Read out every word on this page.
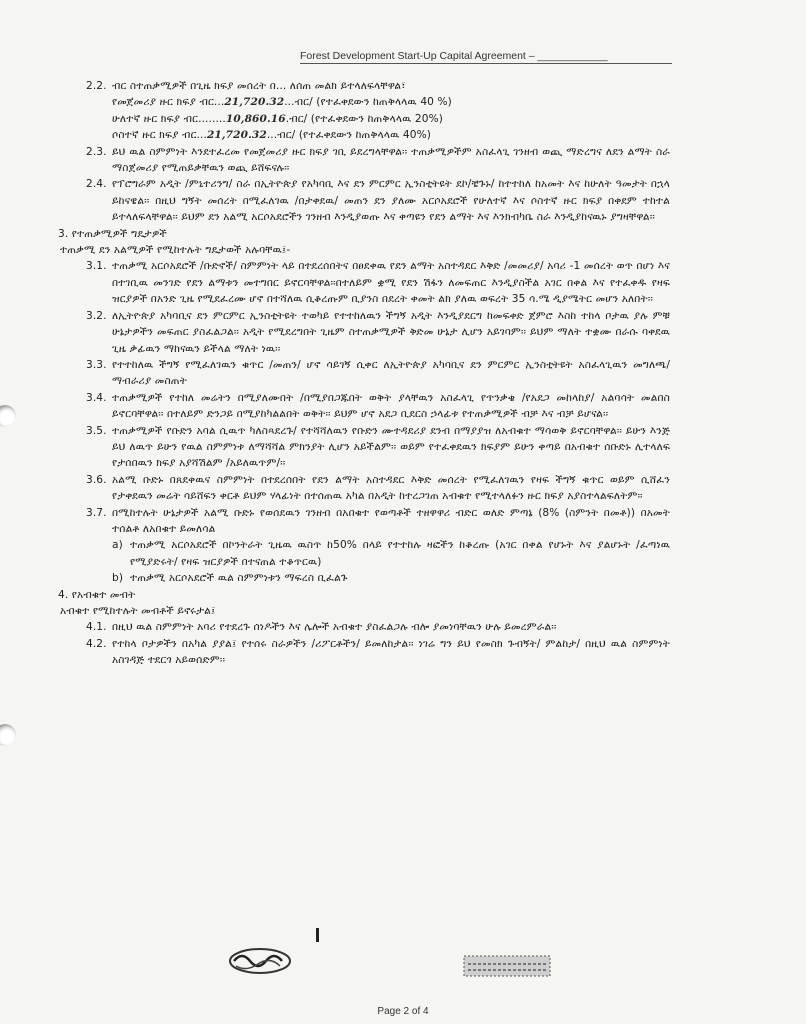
Forest Development Start-Up Capital Agreement – ____________
2.2. ብር ስተጠቃሚዎች በጊዜ ክፍያ መሰረት በ... ለሰጠ መልክ ይተላለፍላቸዋል፣
የመጀመሪያ ዙር ክፍያ ብር...21,720.32...ብር/ (የተፈቀደውን ከጠቅላላዉ 40 %)
ሁለተኛ ዙር ክፍያ ብር........10,860.16.ብር/ (የተፈቀደውን ከጠቅላላዉ 20%)
ሶስተኛ ዙር ክፍያ ብር...21,720.32...ብር/ (የተፈቀደውን ከጠቅላላዉ 40%)
2.3. ይህ ዉል ስምምነት እንደተፈረመ የመጀመሪያ ዙር ክፍያ ገቢ ይደረግላቸዋል፡፡ ተጠቃሚዎችም አስፈላጊ ገንዘብ ወጪ ማድረግና ለደን ልማት ስራ ማስጀመሪያ የሚጠይቃቸዉን ወጪ ይሸፍናሉ፡፡
2.4. የፕሮግራም አዲት /ምኒተሪንግ/ ስራ በኢትዮጵያ የአካባቢ እና ደን ምርምር ኢንስቲትዩት ደኮ/ቼጉኑ/ ከተተከለ ከአመት እና ከሁለት ዓመታት በኋላ ይከናዌል፡፡ በዚህ ግኝት መሰረት በሚፈለገዉ /በታቀደዉ/ መጠን ደን ያለሙ አርሶአደሮች የሁለተኛ እና ሶስተኛ ዙር ክፍያ በቀደም ተከተል ይተላለፍላቸዋል፡፡ ይህም ደን አልሚ አርሶአደሮችን ገንዘብ እንዲያወጡ እና ቀጣዩን የደን ልማት እና እንክብካቤ ስራ እንዲያከናዉኑ ያግዛቸዋል፡፡
3. የተጠቃሚዎች ግዴታዎች
ተጠቃሚ ደን አልሚዎች የሚከተሉት ግዴታወች አሉባቸዉ፤-
3.1. ተጠቃሚ አርሶአደሮች /ቡድኖች/ ስምምነት ላይ በተደረሰበትና በፀደቀዉ የደን ልማት አስተዳደር እቅድ /መመሪያ/ አባሪ -1 መሰረት ወጥ በሆነ እና በተገቢዉ መንገድ የደን ልማቱን መተግበር ይኖርባቸዋል፡፡በተለይም ቋሚ የደን ሽፋን ለመፍጠር እንዲያስችል አገር በቀል እና የተፈቀዱ የዛፍ ዝርያዎች በአንድ ጊዜ የሚደፈረሙ ሆኖ በተሻለዉ ሲቆረጡም ቢያንስ በደረት ቀመት ልክ ያለዉ ወፍረት 35 ሳ.ሜ ዲያሜትር መሆን አለበት፡፡
3.2. ለኢትዮጵያ አካባቢና ደን ምርምር ኢንስቲትዩት ተወካይ የተተከለዉን ችግኝ አዲት እንዲያደርግ ከመፍቀድ ጀምሮ እስከ ተከላ ቦታዉ ያሉ ምቹ ሁኔታዎችን መፍጠር ያስፈልጋል፡፡ አዲት የሚደረግበት ጊዜም ስተጠቃሚዎች ቅድመ ሁኔታ ሊሆን አይገባም፡፡ ይህም ማለት ተቋሙ በራሱ ባቀደዉ ጊዜ ቃፊዉን ማከናዉን ይችላል ማለት ነዉ፡፡
3.3. የተተከለዉ ችግኝ የሚፈለገዉን ቁጥር /መጠን/ ሆኖ ሳይገኝ ሲቀር ለኢትዮጵያ አካባቢና ደን ምርምር ኢንስቲትዩት አስፈላጊዉን መግለጫ/ማብራሪያ መስጠት
3.4. ተጠቃሚዎች የተከለ መሬትን በሚያለሙበት /በሚያበጋጁበት ወቅት ያላቸዉን አስፈላጊ የጥንቃቄ /የአደጋ መከላከያ/ አልባሳት መልበስ ይኖርባቸዋል፡፡ በተለይም ድንጋይ በሚያከካልልበት ወቅት፡፡ ይህም ሆኖ አደጋ ቢደርስ ኃላፊቱ የተጠቃሚዎች ብቻ እና ብቻ ይሆናል፡፡
3.5. ተጠቃሚዎች የቡድን አባል ሲዉጥ ካለስጻደረጉ/ የተሻሻለዉን የቡድን ሙተዳደሪያ ደንብ በማያያዝ ለአብቁተ ማሳወቅ ይኖርባቸዋል፡፡ ይሁን እንጅ ይህ ለዉጥ ይሁን የዉል ስምምነቱ ለማሻሻል ምክንያት ሊሆን አይችልም፡፡ ወይም የተፈቀደዉን ክፍያም ይሁን ቀጣይ በአብቁተ ሰቡድኑ ሊተላለፍ የታሰበዉን ክፍያ አያሻሽልም /አይለዉጥም/፡፡
3.6. አልሚ ቡድኑ በጸደቀዉና ስምምነት በተደረሰበት የደን ልማት አስተዳደር እቅድ መሰረት የሚፈለገዉን የዛፍ ችግኝ ቁጥር ወይም ሲሸፈን የታቀደዉን መሬት ሳይሸፍን ቀርቶ ይህም ሃላፊነት በተሰጠዉ አካል በአዲት ከተረጋገጠ አብቁተ የሚተላለፉን ዙር ክፍያ አያስተላልፍለትም፡፡
3.7. በሚከተሉት ሁኔታዎች አልሚ ቡድኑ የወሰደዉን ገንዘብ በአበቁተ የወጣቶች ተዘዋዋሪ ብድር ወለድ ምጣኔ (8% (ስምንት በመቶ)) በአመት ተሰልቶ ለአበቁተ ይመለሳል
a) ተጠቃሚ አርሶአደሮች በኮንትራት ጊዜዉ ዉስጥ ከ50% በላይ የተተከሉ ዛፎችን ከቆረጡ (አገር በቀል የሆኑት እና ያልሆኑት /ፈጣነዉ የሚያድሩት/ የዛፍ ዝርያዎች በተናጠል ተቆጥርዉ)
b) ተጠቃሚ አርሶአደሮች ዉል ስምምነቱን ማፍረስ ቢፈልጉ
4. የአብቁተ መብት
አብቁተ የሚከተሉት መብቶች ይኖሩታል፤
4.1. በዚህ ዉል ስምምነት አባሪ የተደረጉ ሰነዶችን እና ሌሎች አብቁተ ያስፈልጋሉ ብሎ ያመነባቸዉን ሁሉ ይመረምራል፡፡
4.2. የተከላ ቦታዎችን በአካል ያያል፤ የተሰሩ ስራዎችን /ሪፖርቶችን/ ይመለከታል፡፡ ነገሬ ግን ይህ የመስክ ጉብኝት/ ምልከታ/ በዚህ ዉል ስምምነት አስገዳጅ ተደርጎ አይወሰድም፡፡
Page 2 of 4
